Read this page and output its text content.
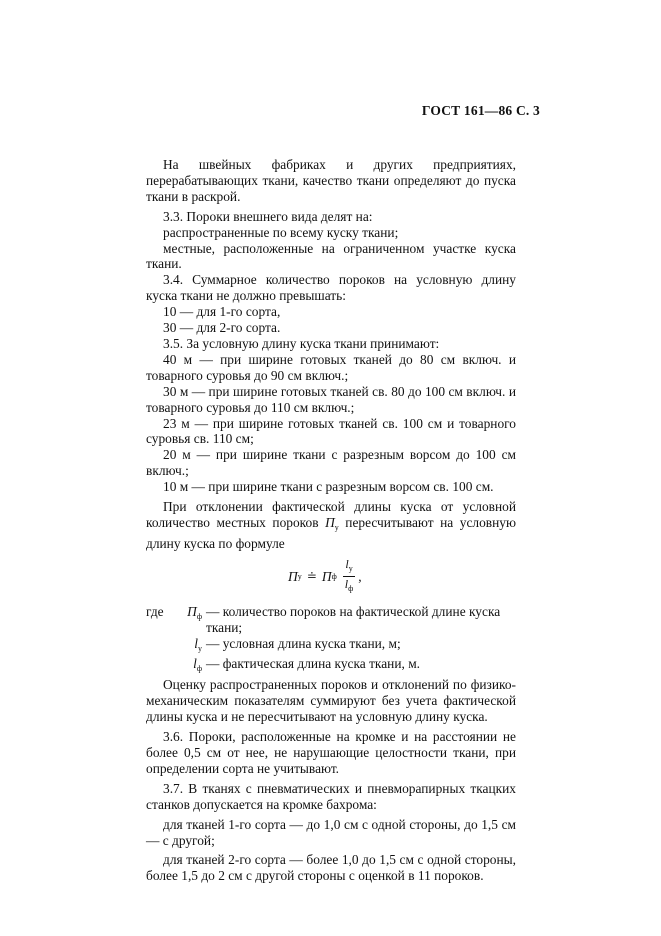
ГОСТ 161—86 С. 3

На швейных фабриках и других предприятиях, перерабатывающих ткани, качество ткани определяют до пуска ткани в раскрой.

3.3. Пороки внешнего вида делят на:

распространенные по всему куску ткани;

местные, расположенные на ограниченном участке куска ткани.

3.4. Суммарное количество пороков на условную длину куска ткани не должно превышать:

10 — для 1-го сорта,

30 — для 2-го сорта.

3.5. За условную длину куска ткани принимают:

40 м — при ширине готовых тканей до 80 см включ. и товарного суровья до 90 см включ.;

30 м — при ширине готовых тканей св. 80 до 100 см включ. и товарного суровья до 110 см включ.;

23 м — при ширине готовых тканей св. 100 см и товарного суровья св. 110 см;

20 м — при ширине ткани с разрезным ворсом до 100 см включ.;

10 м — при ширине ткани с разрезным ворсом св. 100 см.

При отклонении фактической длины куска от условной количество местных пороков $П_у$ пересчитывают на условную длину куска по формуле

П у ≐ П ф $\frac{l_у}{l_ф}$ ,
где	$П_ф$ — количество пороков на фактической длине куска ткани;
$l_у$ — условная длина куска ткани, м;
$l_ф$ — фактическая длина куска ткани, м.

Оценку распространенных пороков и отклонений по физико-механическим показателям суммируют без учета фактической длины куска и не пересчитывают на условную длину куска.

3.6. Пороки, расположенные на кромке и на расстоянии не более 0,5 см от нее, не нарушающие целостности ткани, при определении сорта не учитывают.

3.7. В тканях с пневматических и пневморапирных ткацких станков допускается на кромке бахрома:

для тканей 1-го сорта — до 1,0 см с одной стороны, до 1,5 см — с другой;

для тканей 2-го сорта — более 1,0 до 1,5 см с одной стороны, более 1,5 до 2 см с другой стороны с оценкой в 11 пороков.
